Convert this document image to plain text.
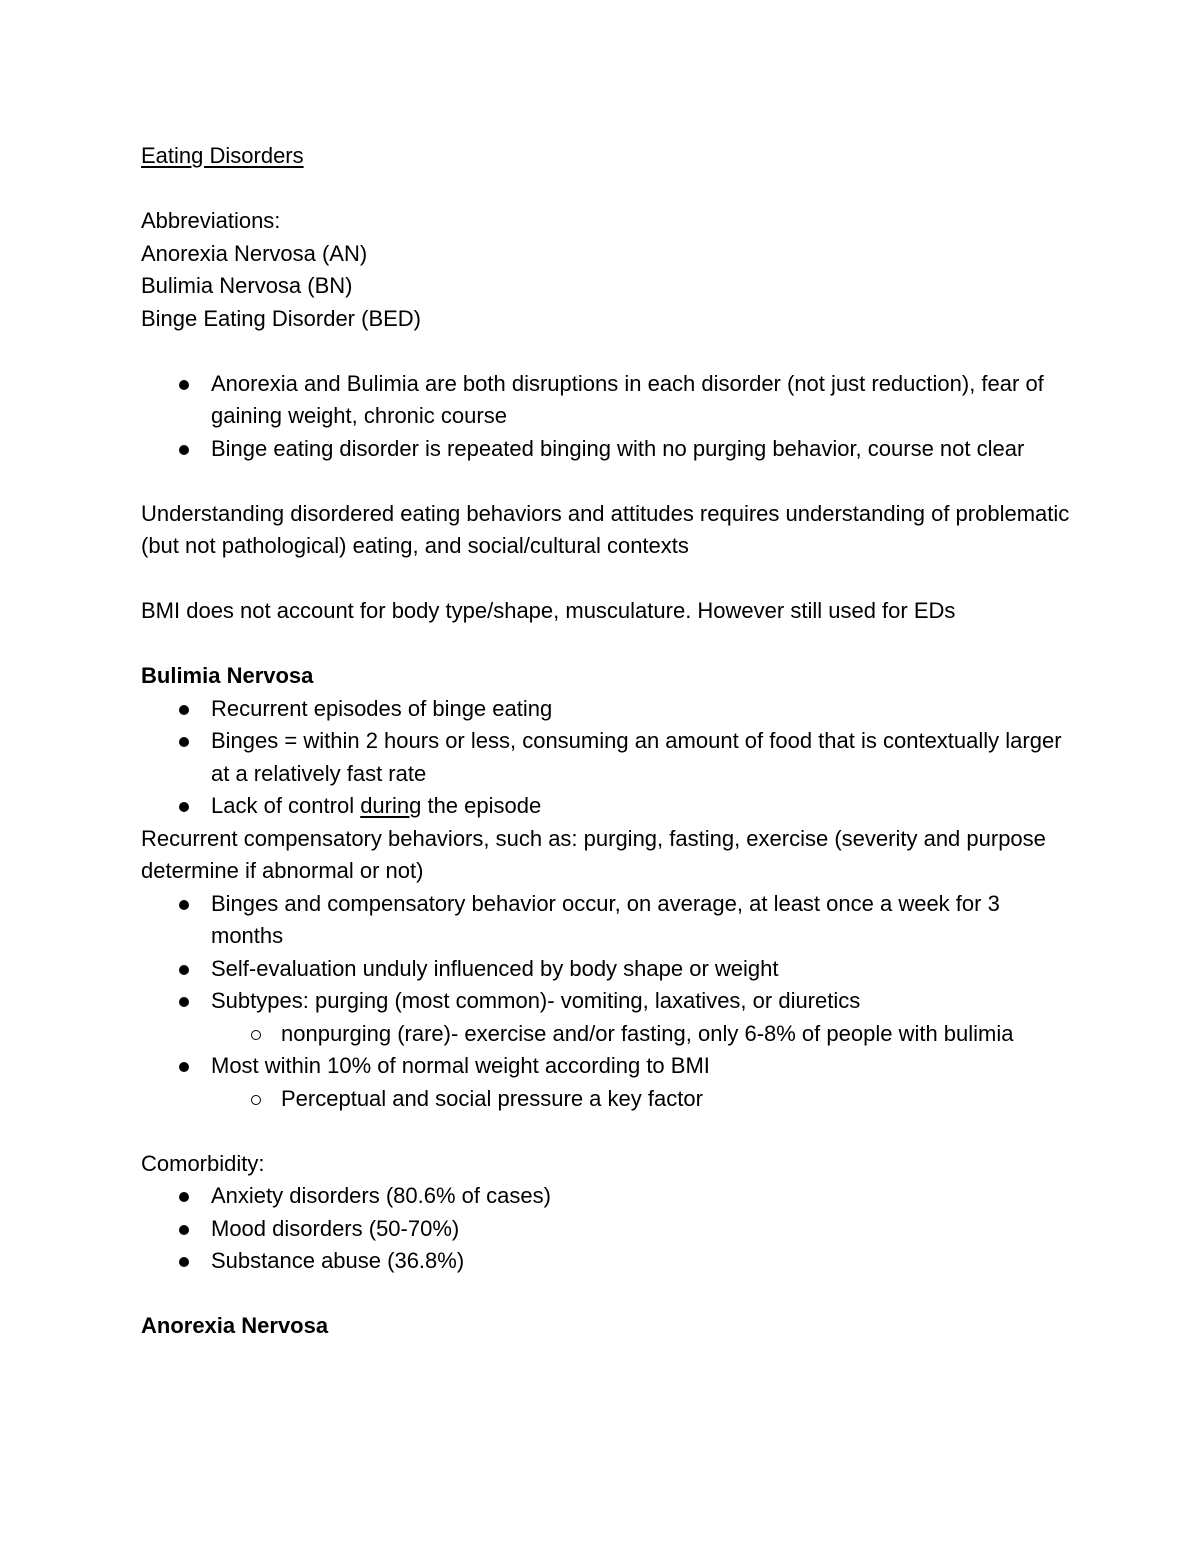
Eating Disorders

Abbreviations:

Anorexia Nervosa (AN)

Bulimia Nervosa (BN)

Binge Eating Disorder (BED)

Anorexia and Bulimia are both disruptions in each disorder (not just reduction), fear of gaining weight, chronic course
Binge eating disorder is repeated binging with no purging behavior, course not clear

Understanding disordered eating behaviors and attitudes requires understanding of problematic (but not pathological) eating, and social/cultural contexts

BMI does not account for body type/shape, musculature. However still used for EDs

Bulimia Nervosa

Recurrent episodes of binge eating
Binges = within 2 hours or less, consuming an amount of food that is contextually larger at a relatively fast rate
Lack of control during the episode

Recurrent compensatory behaviors, such as: purging, fasting, exercise (severity and purpose determine if abnormal or not)

Binges and compensatory behavior occur, on average, at least once a week for 3 months
Self-evaluation unduly influenced by body shape or weight
Subtypes: purging (most common)- vomiting, laxatives, or diuretics
nonpurging (rare)- exercise and/or fasting, only 6-8% of people with bulimia
Most within 10% of normal weight according to BMI
Perceptual and social pressure a key factor

Comorbidity:

Anxiety disorders (80.6% of cases)
Mood disorders (50-70%)
Substance abuse (36.8%)

Anorexia Nervosa
